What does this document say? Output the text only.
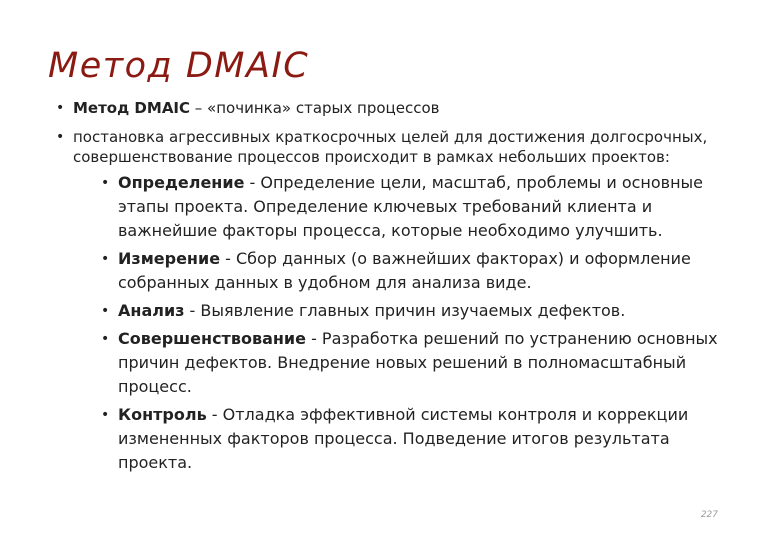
Метод DMAIC
• Метод DMAIC – «починка» старых процессов
• постановка агрессивных краткосрочных целей для достижения долгосрочных, совершенствование процессов происходит в рамках небольших проектов:
• Определение - Определение цели, масштаб, проблемы и основные этапы проекта. Определение ключевых требований клиента и важнейшие факторы процесса, которые необходимо улучшить.
• Измерение - Сбор данных (о важнейших факторах) и оформление собранных данных в удобном для анализа виде.
• Анализ - Выявление главных причин изучаемых дефектов.
• Совершенствование - Разработка решений по устранению основных причин дефектов. Внедрение новых решений в полномасштабный процесс.
• Контроль - Отладка эффективной системы контроля и коррекции измененных факторов процесса. Подведение итогов результата проекта.
227
